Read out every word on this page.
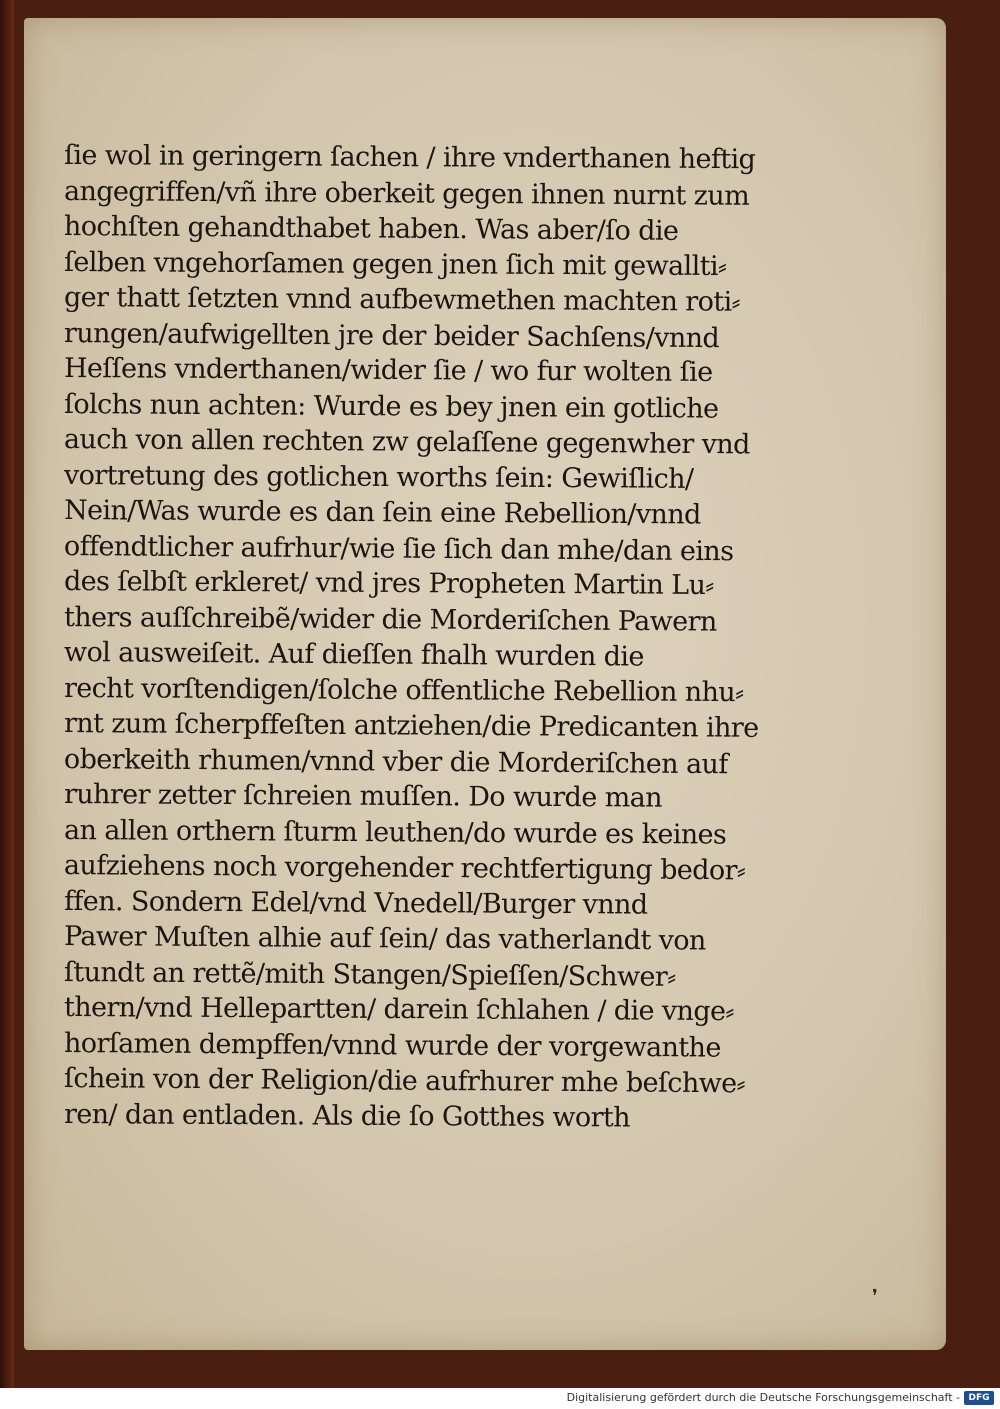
ſie wol in geringern ſachen / ihre vnderthanen heftig
angegriffen/vñ ihre oberkeit gegen ihnen nurnt zum
hochſten gehandthabet haben. Was aber/ſo die
ſelben vngehorſamen gegen jnen ſich mit gewallti⸗
ger thatt ſetzten vnnd aufbewmethen machten roti⸗
rungen/aufwigellten jre der beider Sachſens/vnnd
Heſſens vnderthanen/wider ſie / wo fur wolten ſie
ſolchs nun achten: Wurde es bey jnen ein gotliche
auch von allen rechten zw gelaſſene gegenwher vnd
vortretung des gotlichen worths ſein: Gewiſlich/
Nein/Was wurde es dan ſein eine Rebellion/vnnd
offendtlicher aufrhur/wie ſie ſich dan mhe/dan eins
des ſelbſt erkleret/ vnd jres Propheten Martin Lu⸗
thers auſſchreibẽ/wider die Morderiſchen Pawern
wol ausweiſeit. Auf dieſſen fhalh wurden die
recht vorſtendigen/ſolche offentliche Rebellion nhu⸗
rnt zum ſcherpffeſten antziehen/die Predicanten ihre
oberkeith rhumen/vnnd vber die Morderiſchen auf
ruhrer zetter ſchreien muſſen. Do wurde man
an allen orthern ſturm leuthen/do wurde es keines
aufziehens noch vorgehender rechtfertigung bedor⸗
ffen. Sondern Edel/vnd Vnedell/Burger vnnd
Pawer Muſten alhie auf ſein/ das vatherlandt von
ſtundt an rettẽ/mith Stangen/Spieſſen/Schwer⸗
thern/vnd Hellepartten/ darein ſchlahen / die vnge⸗
horſamen dempffen/vnnd wurde der vorgewanthe
ſchein von der Religion/die aufrhurer mhe beſchwe⸗
ren/ dan entladen. Als die ſo Gotthes worth
❜
Digitalisierung gefördert durch die Deutsche Forschungsgemeinschaft - DFG
